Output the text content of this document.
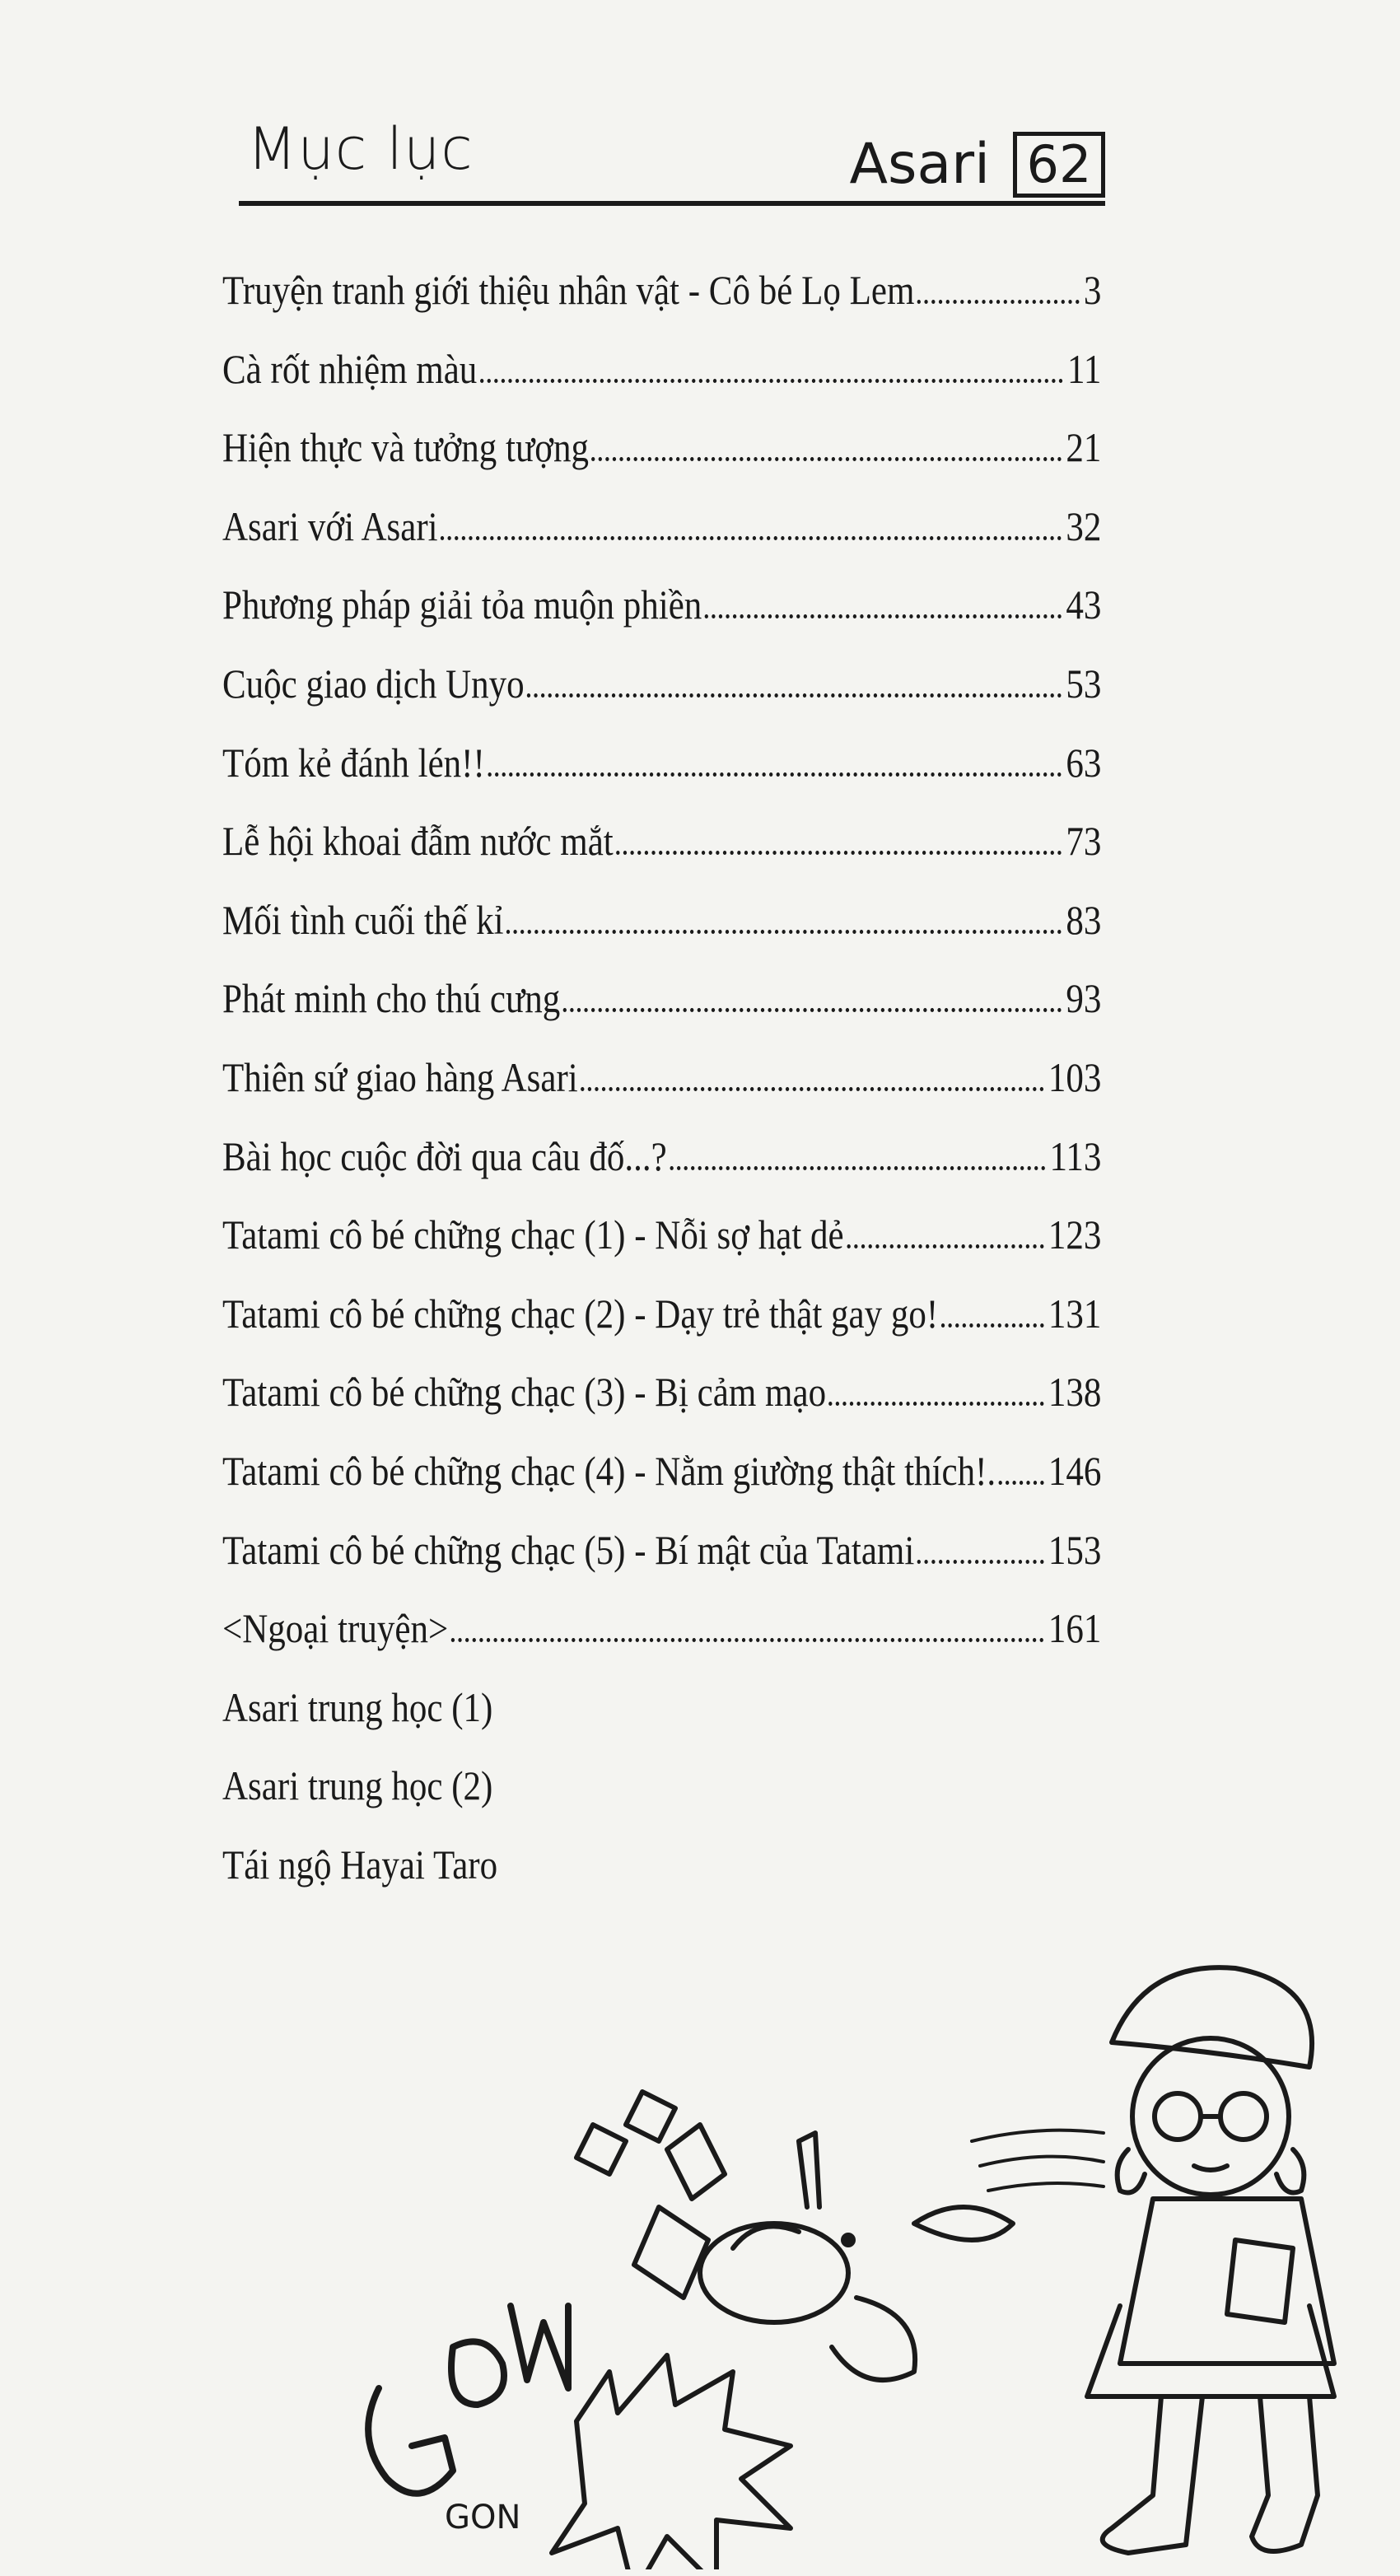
Mục lục	Asari 62
Truyện tranh giới thiệu nhân vật - Cô bé Lọ Lem	3
Cà rốt nhiệm màu	11
Hiện thực và tưởng tượng	21
Asari với Asari	32
Phương pháp giải tỏa muộn phiền	43
Cuộc giao dịch Unyo	53
Tóm kẻ đánh lén!!	63
Lễ hội khoai đẫm nước mắt	73
Mối tình cuối thế kỉ	83
Phát minh cho thú cưng	93
Thiên sứ giao hàng Asari	103
Bài học cuộc đời qua câu đố...?	113
Tatami cô bé chững chạc (1) - Nỗi sợ hạt dẻ	123
Tatami cô bé chững chạc (2) - Dạy trẻ thật gay go!	131
Tatami cô bé chững chạc (3) - Bị cảm mạo	138
Tatami cô bé chững chạc (4) - Nằm giường thật thích!. 146
Tatami cô bé chững chạc (5) - Bí mật của Tatami	153
<Ngoại truyện>	161
Asari trung học (1)
Asari trung học (2)
Tái ngộ Hayai Taro
GON
